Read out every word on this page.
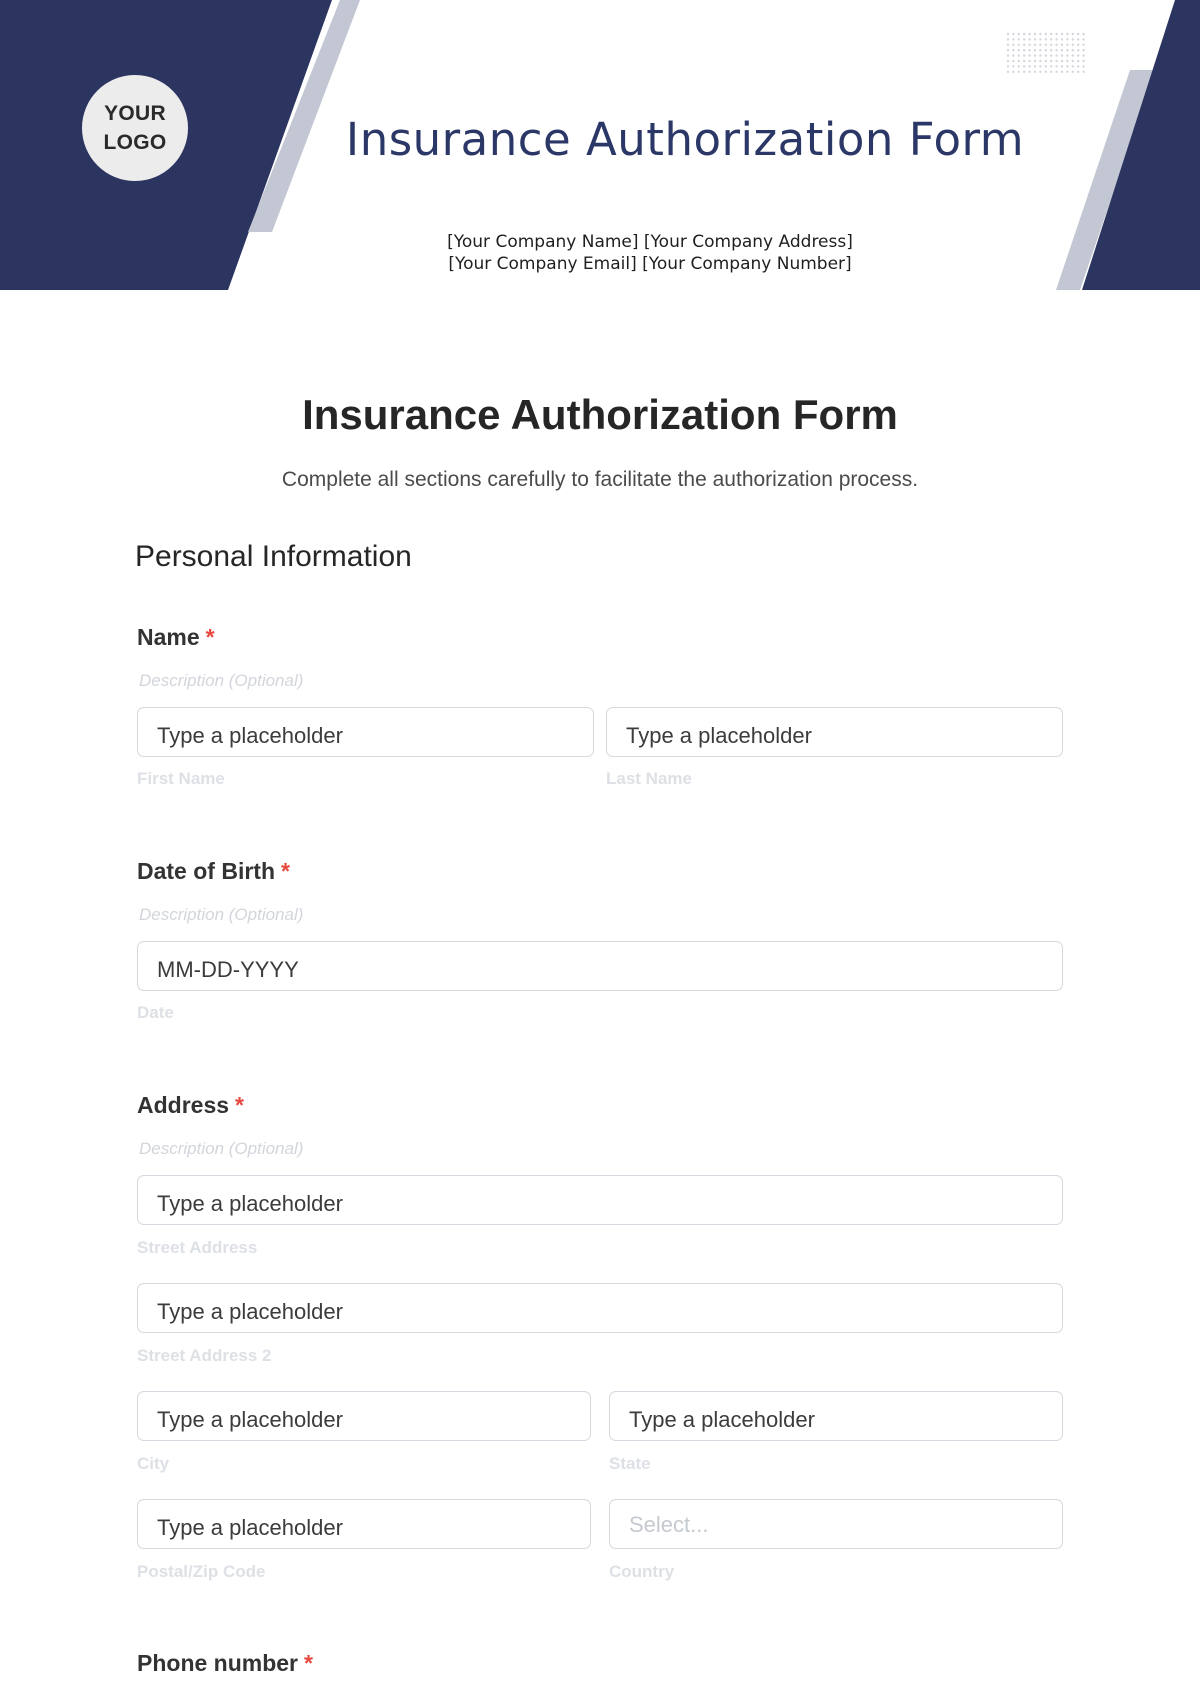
YOUR
LOGO	Insurance Authorization Form
[Your Company Name] [Your Company Address]
[Your Company Email] [Your Company Number]
Insurance Authorization Form
Complete all sections carefully to facilitate the authorization process.
Personal Information
Name *
Description (Optional)
Type a placeholder
First Name
Type a placeholder
Last Name
Date of Birth *
Description (Optional)
MM-DD-YYYY
Date
Address *
Description (Optional)
Type a placeholder
Street Address
Type a placeholder
Street Address 2
Type a placeholder
City
Type a placeholder
State
Type a placeholder
Postal/Zip Code
Select...
Country
Phone number *
